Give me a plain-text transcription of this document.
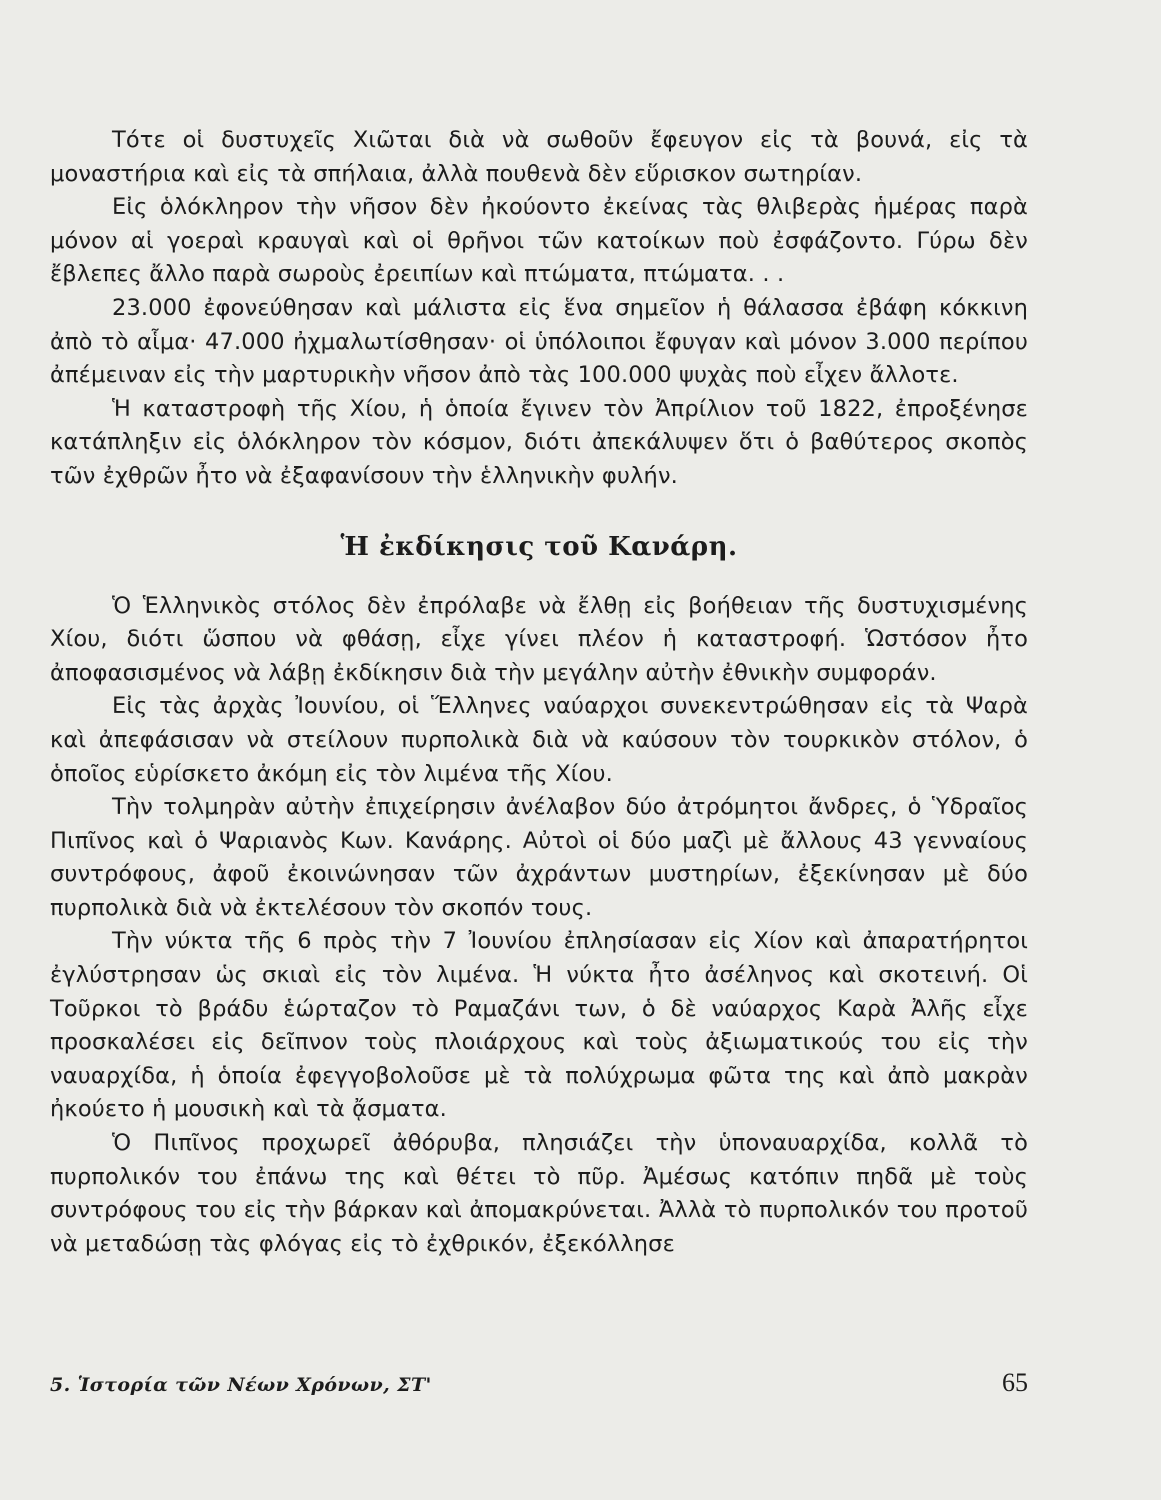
Τότε οἱ δυστυχεῖς Χιῶται διὰ νὰ σωθοῦν ἔφευγον εἰς τὰ βουνά, εἰς τὰ μοναστήρια καὶ εἰς τὰ σπήλαια, ἀλλὰ πουθενὰ δὲν εὕρισκον σωτηρίαν.

Εἰς ὁλόκληρον τὴν νῆσον δὲν ἠκούοντο ἐκείνας τὰς θλιβερὰς ἡμέρας παρὰ μόνον αἱ γοεραὶ κραυγαὶ καὶ οἱ θρῆνοι τῶν κατοίκων ποὺ ἐσφάζοντο. Γύρω δὲν ἔβλεπες ἄλλο παρὰ σωροὺς ἐρειπίων καὶ πτώματα, πτώματα. . .

23.000 ἐφονεύθησαν καὶ μάλιστα εἰς ἕνα σημεῖον ἡ θάλασσα ἐβάφη κόκκινη ἀπὸ τὸ αἷμα· 47.000 ἠχμαλωτίσθησαν· οἱ ὑπόλοιποι ἔφυγαν καὶ μόνον 3.000 περίπου ἀπέμειναν εἰς τὴν μαρτυρικὴν νῆσον ἀπὸ τὰς 100.000 ψυχὰς ποὺ εἶχεν ἄλλοτε.

Ἡ καταστροφὴ τῆς Χίου, ἡ ὁποία ἔγινεν τὸν Ἀπρίλιον τοῦ 1822, ἐπροξένησε κατάπληξιν εἰς ὁλόκληρον τὸν κόσμον, διότι ἀπεκάλυψεν ὅτι ὁ βαθύτερος σκοπὸς τῶν ἐχθρῶν ἦτο νὰ ἐξαφανίσουν τὴν ἑλληνικὴν φυλήν.

Ἡ ἐκδίκησις τοῦ Κανάρη.

Ὁ Ἑλληνικὸς στόλος δὲν ἐπρόλαβε νὰ ἔλθῃ εἰς βοήθειαν τῆς δυστυχισμένης Χίου, διότι ὥσπου νὰ φθάσῃ, εἶχε γίνει πλέον ἡ καταστροφή. Ὡστόσον ἦτο ἀποφασισμένος νὰ λάβῃ ἐκδίκησιν διὰ τὴν μεγάλην αὐτὴν ἐθνικὴν συμφοράν.

Εἰς τὰς ἀρχὰς Ἰουνίου, οἱ Ἕλληνες ναύαρχοι συνεκεντρώθησαν εἰς τὰ Ψαρὰ καὶ ἀπεφάσισαν νὰ στείλουν πυρπολικὰ διὰ νὰ καύσουν τὸν τουρκικὸν στόλον, ὁ ὁποῖος εὑρίσκετο ἀκόμη εἰς τὸν λιμένα τῆς Χίου.

Τὴν τολμηρὰν αὐτὴν ἐπιχείρησιν ἀνέλαβον δύο ἀτρόμητοι ἄνδρες, ὁ Ὑδραῖος Πιπῖνος καὶ ὁ Ψαριανὸς Κων. Κανάρης. Αὐτοὶ οἱ δύο μαζὶ μὲ ἄλλους 43 γενναίους συντρόφους, ἀφοῦ ἐκοινώνησαν τῶν ἀχράντων μυστηρίων, ἐξεκίνησαν μὲ δύο πυρπολικὰ διὰ νὰ ἐκτελέσουν τὸν σκοπόν τους.

Τὴν νύκτα τῆς 6 πρὸς τὴν 7 Ἰουνίου ἐπλησίασαν εἰς Χίον καὶ ἀπαρατήρητοι ἐγλύστρησαν ὡς σκιαὶ εἰς τὸν λιμένα. Ἡ νύκτα ἦτο ἀσέληνος καὶ σκοτεινή. Οἱ Τοῦρκοι τὸ βράδυ ἑώρταζον τὸ Ραμαζάνι των, ὁ δὲ ναύαρχος Καρὰ Ἀλῆς εἶχε προσκαλέσει εἰς δεῖπνον τοὺς πλοιάρχους καὶ τοὺς ἀξιωματικούς του εἰς τὴν ναυαρχίδα, ἡ ὁποία ἐφεγγοβολοῦσε μὲ τὰ πολύχρωμα φῶτα της καὶ ἀπὸ μακρὰν ἠκούετο ἡ μουσικὴ καὶ τὰ ᾄσματα.

Ὁ Πιπῖνος προχωρεῖ ἀθόρυβα, πλησιάζει τὴν ὑποναυαρχίδα, κολλᾶ τὸ πυρπολικόν του ἐπάνω της καὶ θέτει τὸ πῦρ. Ἀμέσως κατόπιν πηδᾶ μὲ τοὺς συντρόφους του εἰς τὴν βάρκαν καὶ ἀπομακρύνεται. Ἀλλὰ τὸ πυρπολικόν του προτοῦ νὰ μεταδώσῃ τὰς φλόγας εἰς τὸ ἐχθρικόν, ἐξεκόλλησε

5. Ἱστορία τῶν Νέων Χρόνων, ΣΤ'	65
